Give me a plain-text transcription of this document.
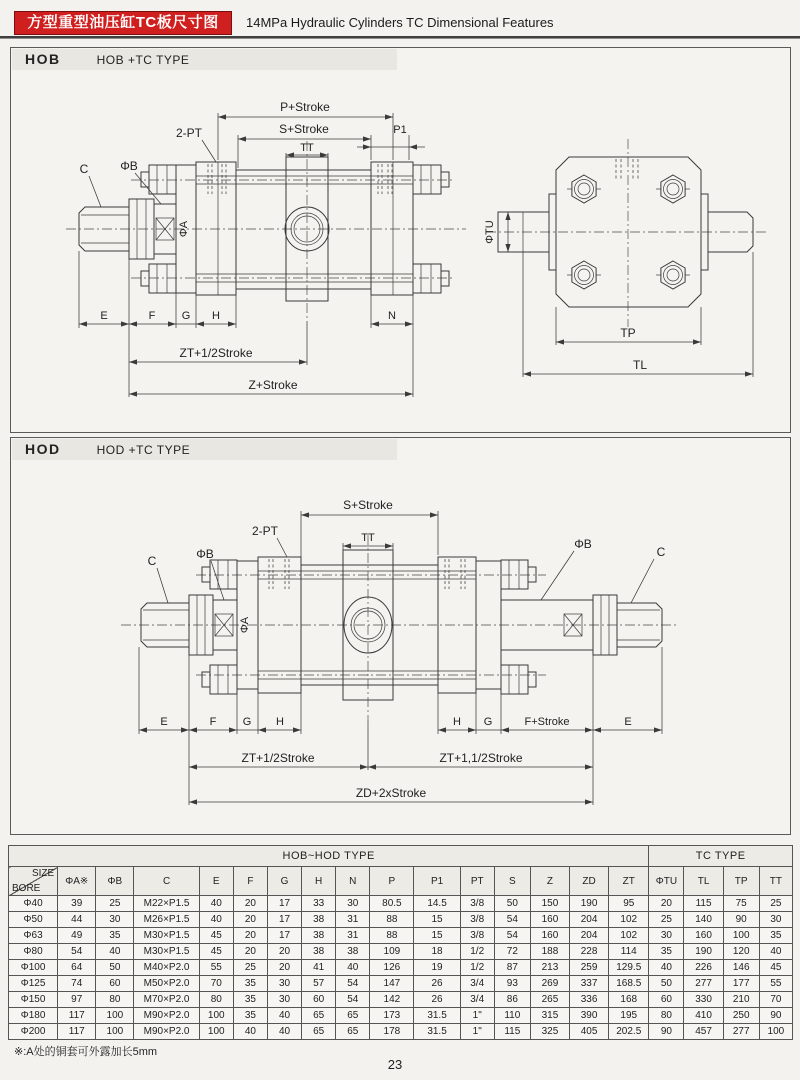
方型重型油压缸TC板尺寸图	14MPa Hydraulic Cylinders TC Dimensional Features
HOB	HOB +TC TYPE
P+Stroke
S+Stroke
TT
P1
2-PT
C	ΦB
ΦA
E	F G H	N
ZT+1/2Stroke
Z+Stroke
ΦTU
TP
TL
HOD	HOD +TC TYPE
S+Stroke
TT
2-PT
ΦB
C
ΦB
C
ΦA
E	F G H	H G	F+Stroke	E
ZT+1/2Stroke	ZT+1,1/2Stroke
ZD+2xStroke
HOB~HOD TYPE																TC TYPE			

SIZE
BORE	ΦA※	ΦB	C	E	F	G	H	N	P	P1	PT	S	Z	ZD	ZT	ΦTU	TL	TP	TT
Φ40	39	25	M22×P1.5	40	20	17	33	30	80.5	14.5	3/8	50	150	190	95	20	115	75	25
Φ50	44	30	M26×P1.5	40	20	17	38	31	88	15	3/8	54	160	204	102	25	140	90	30
Φ63	49	35	M30×P1.5	45	20	17	38	31	88	15	3/8	54	160	204	102	30	160	100	35
Φ80	54	40	M30×P1.5	45	20	20	38	38	109	18	1/2	72	188	228	114	35	190	120	40
Φ100	64	50	M40×P2.0	55	25	20	41	40	126	19	1/2	87	213	259	129.5	40	226	146	45
Φ125	74	60	M50×P2.0	70	35	30	57	54	147	26	3/4	93	269	337	168.5	50	277	177	55
Φ150	97	80	M70×P2.0	80	35	30	60	54	142	26	3/4	86	265	336	168	60	330	210	70
Φ180	117	100	M90×P2.0	100	35	40	65	65	173	31.5	1"	110	315	390	195	80	410	250	90
Φ200	117	100	M90×P2.0	100	40	40	65	65	178	31.5	1"	115	325	405	202.5	90	457	277	100
※:A处的铜套可外露加长5mm
23
